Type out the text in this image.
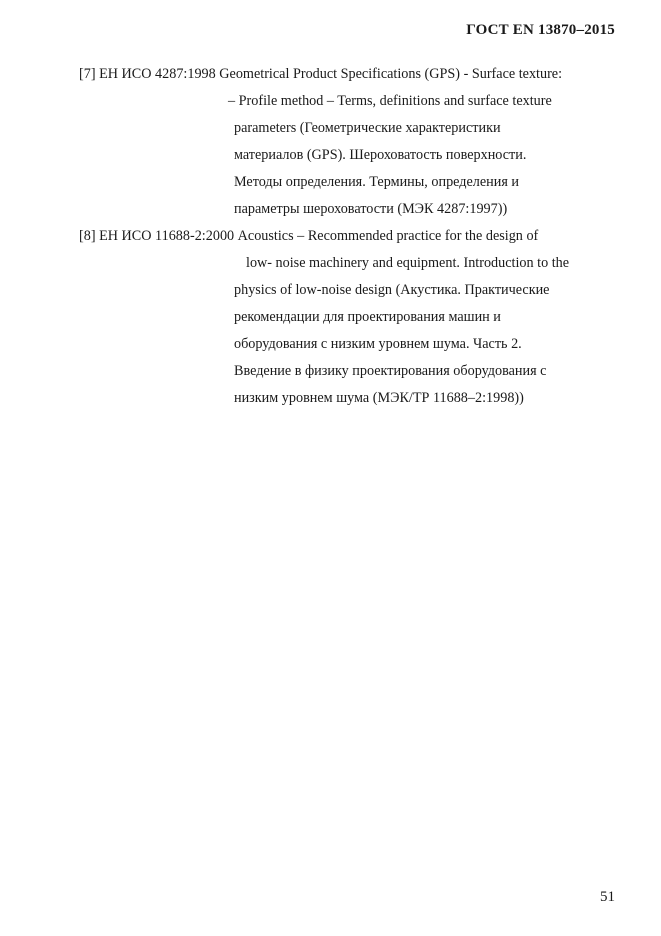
ГОСТ EN 13870–2015
[7] ЕН ИСО 4287:1998 Geometrical Product Specifications (GPS) - Surface texture:
– Profile method – Terms, definitions and surface texture
parameters (Геометрические характеристики
материалов (GPS). Шероховатость поверхности.
Методы определения. Термины, определения и
параметры шероховатости (МЭК 4287:1997))
[8] ЕН ИСО 11688-2:2000 Acoustics – Recommended practice for the design of
low- noise machinery and equipment. Introduction to the
physics of low-noise design (Акустика. Практические
рекомендации для проектирования машин и
оборудования с низким уровнем шума. Часть 2.
Введение в физику проектирования оборудования с
низким уровнем шума (МЭК/ТР 11688–2:1998))
51
